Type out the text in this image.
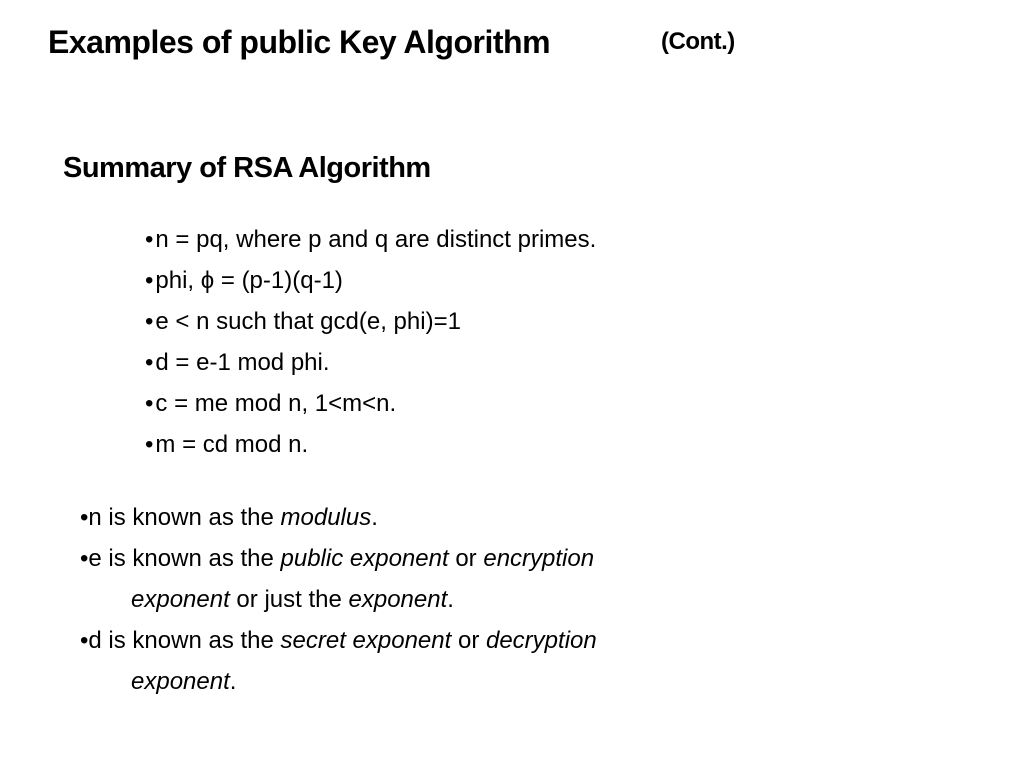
Examples of public Key Algorithm	(Cont.)
Summary of RSA Algorithm
• n = pq, where p and q are distinct primes.
• phi, ϕ = (p-1)(q-1)
• e < n such that gcd(e, phi)=1
• d = e-1 mod phi.
• c = me mod n, 1<m<n.
• m = cd mod n.
•n is known as the modulus.
•e is known as the public exponent or encryption
exponent or just the exponent.
•d is known as the secret exponent or decryption
exponent.
